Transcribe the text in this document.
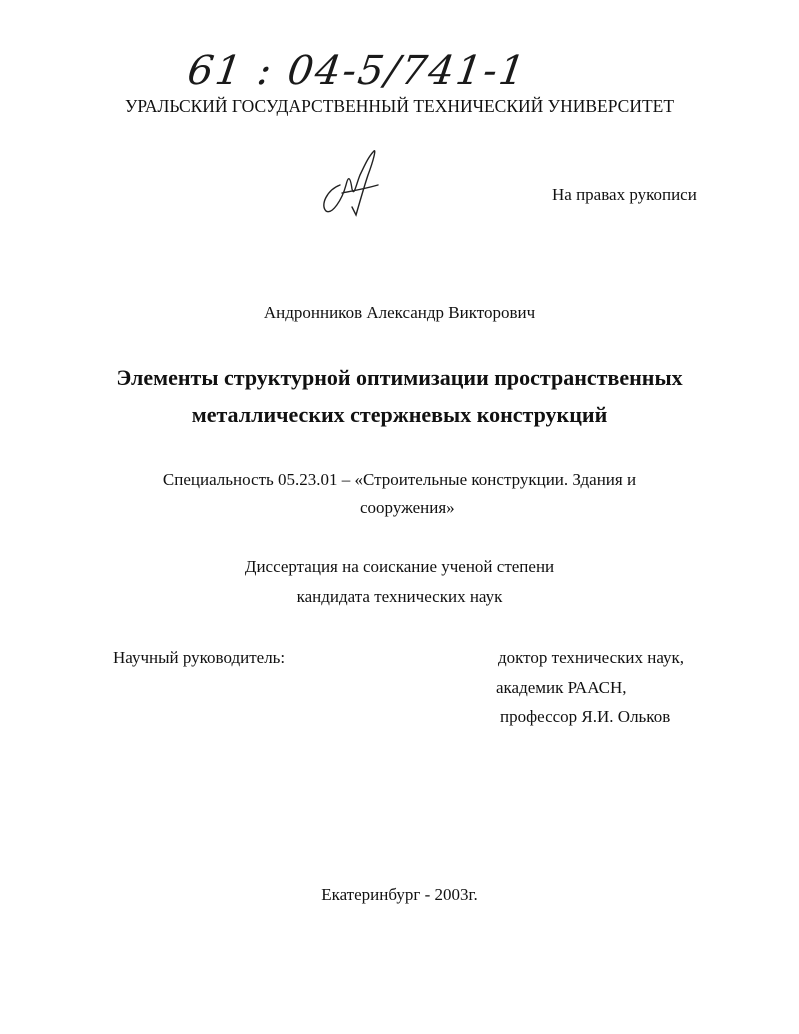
61 : 04-5/741-1
УРАЛЬСКИЙ ГОСУДАРСТВЕННЫЙ ТЕХНИЧЕСКИЙ УНИВЕРСИТЕТ
На правах рукописи
Андронников Александр Викторович
Элементы структурной оптимизации пространственных
металлических стержневых конструкций
Специальность 05.23.01 – «Строительные конструкции. Здания и
сооружения»
Диссертация на соискание ученой степени
кандидата технических наук
Научный руководитель:	доктор технических наук,
академик РААСН,
профессор Я.И. Ольков
Екатеринбург - 2003г.
